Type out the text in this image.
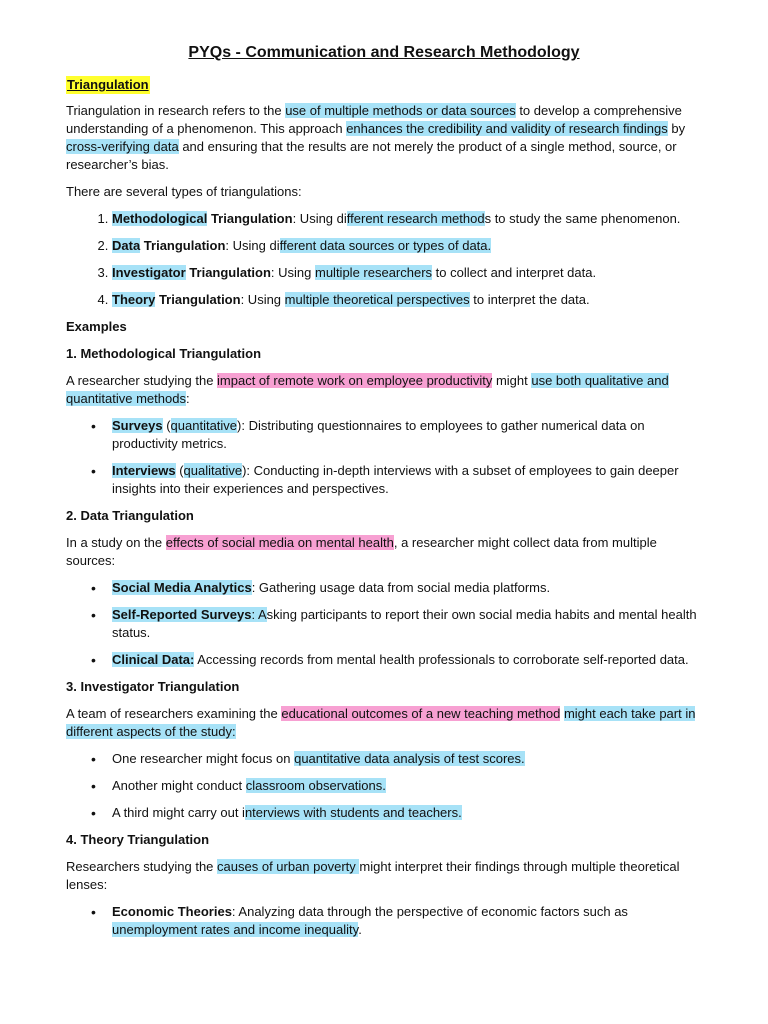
PYQs - Communication and Research Methodology
Triangulation

Triangulation in research refers to the use of multiple methods or data sources to develop a comprehensive understanding of a phenomenon. This approach enhances the credibility and validity of research findings by cross-verifying data and ensuring that the results are not merely the product of a single method, source, or researcher’s bias.

There are several types of triangulations:

1. Methodological Triangulation: Using different research methods to study the same phenomenon.
2. Data Triangulation: Using different data sources or types of data.
3. Investigator Triangulation: Using multiple researchers to collect and interpret data.
4. Theory Triangulation: Using multiple theoretical perspectives to interpret the data.
Examples
1. Methodological Triangulation

A researcher studying the impact of remote work on employee productivity might use both qualitative and quantitative methods:

• Surveys (quantitative): Distributing questionnaires to employees to gather numerical data on productivity metrics.
• Interviews (qualitative): Conducting in-depth interviews with a subset of employees to gain deeper insights into their experiences and perspectives.
2. Data Triangulation

In a study on the effects of social media on mental health, a researcher might collect data from multiple sources:

• Social Media Analytics: Gathering usage data from social media platforms.
• Self-Reported Surveys: Asking participants to report their own social media habits and mental health status.
• Clinical Data: Accessing records from mental health professionals to corroborate self-reported data.
3. Investigator Triangulation

A team of researchers examining the educational outcomes of a new teaching method might each take part in different aspects of the study:

• One researcher might focus on quantitative data analysis of test scores.
• Another might conduct classroom observations.
• A third might carry out interviews with students and teachers.
4. Theory Triangulation

Researchers studying the causes of urban poverty might interpret their findings through multiple theoretical lenses:

• Economic Theories: Analyzing data through the perspective of economic factors such as unemployment rates and income inequality.
